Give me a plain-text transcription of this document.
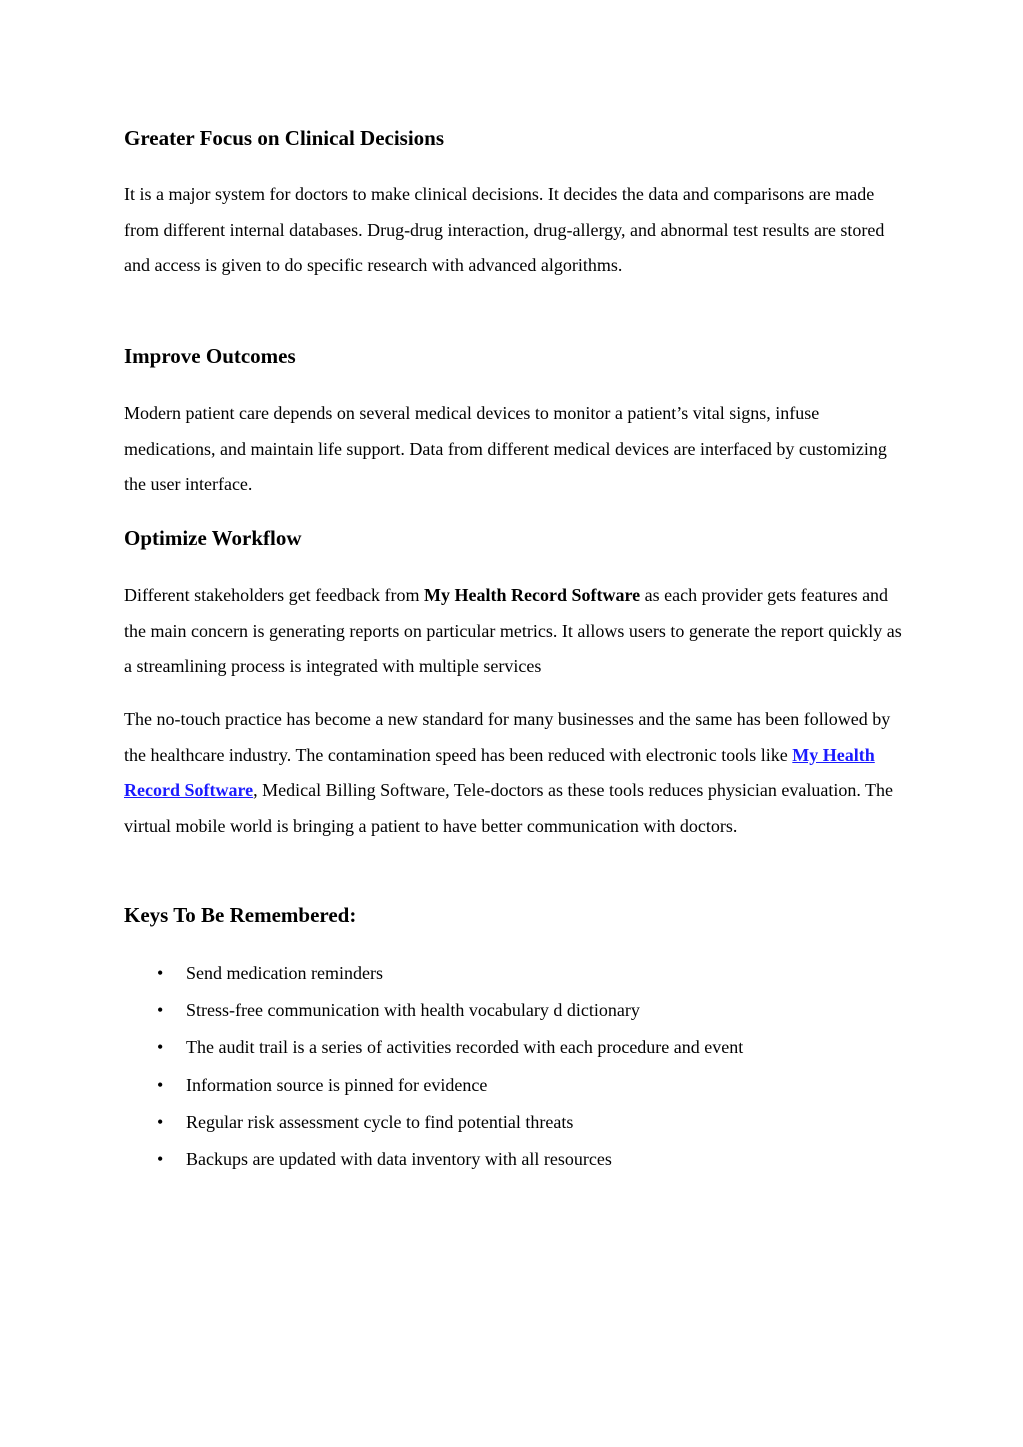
Greater Focus on Clinical Decisions

It is a major system for doctors to make clinical decisions. It decides the data and comparisons are made from different internal databases. Drug-drug interaction, drug-allergy, and abnormal test results are stored and access is given to do specific research with advanced algorithms.

Improve Outcomes

Modern patient care depends on several medical devices to monitor a patient’s vital signs, infuse medications, and maintain life support. Data from different medical devices are interfaced by customizing the user interface.

Optimize Workflow

Different stakeholders get feedback from My Health Record Software as each provider gets features and the main concern is generating reports on particular metrics. It allows users to generate the report quickly as a streamlining process is integrated with multiple services

The no-touch practice has become a new standard for many businesses and the same has been followed by the healthcare industry. The contamination speed has been reduced with electronic tools like My Health Record Software, Medical Billing Software, Tele-doctors as these tools reduces physician evaluation. The virtual mobile world is bringing a patient to have better communication with doctors.

Keys To Be Remembered:
• Send medication reminders
• Stress-free communication with health vocabulary d dictionary
• The audit trail is a series of activities recorded with each procedure and event
• Information source is pinned for evidence
• Regular risk assessment cycle to find potential threats
• Backups are updated with data inventory with all resources
